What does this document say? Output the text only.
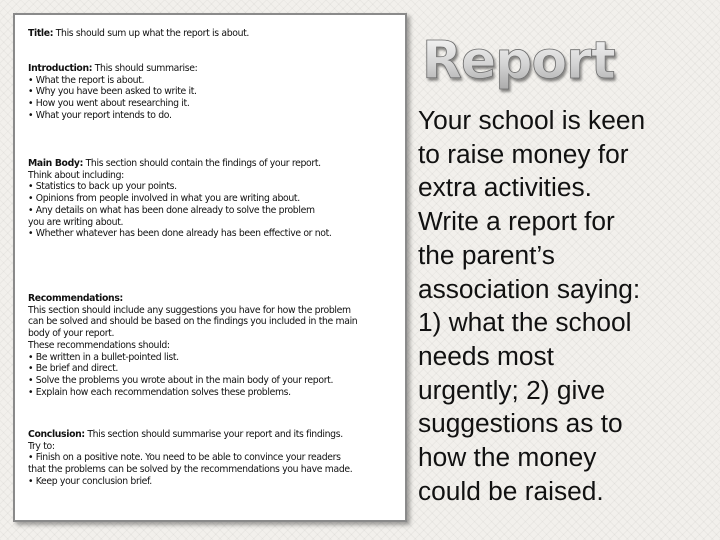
Title: This should sum up what the report is about.
Introduction: This should summarise:
• What the report is about.
• Why you have been asked to write it.
• How you went about researching it.
• What your report intends to do.
Main Body: This section should contain the findings of your report.
Think about including:
• Statistics to back up your points.
• Opinions from people involved in what you are writing about.
• Any details on what has been done already to solve the problem
you are writing about.
• Whether whatever has been done already has been effective or not.
Recommendations:
This section should include any suggestions you have for how the problem
can be solved and should be based on the findings you included in the main
body of your report.
These recommendations should:
• Be written in a bullet-pointed list.
• Be brief and direct.
• Solve the problems you wrote about in the main body of your report.
• Explain how each recommendation solves these problems.
Conclusion: This section should summarise your report and its findings.
Try to:
• Finish on a positive note. You need to be able to convince your readers
that the problems can be solved by the recommendations you have made.
• Keep your conclusion brief.
Report
Your school is keen
to raise money for
extra activities.
Write a report for
the parent’s
association saying:
1) what the school
needs most
urgently; 2) give
suggestions as to
how the money
could be raised.
